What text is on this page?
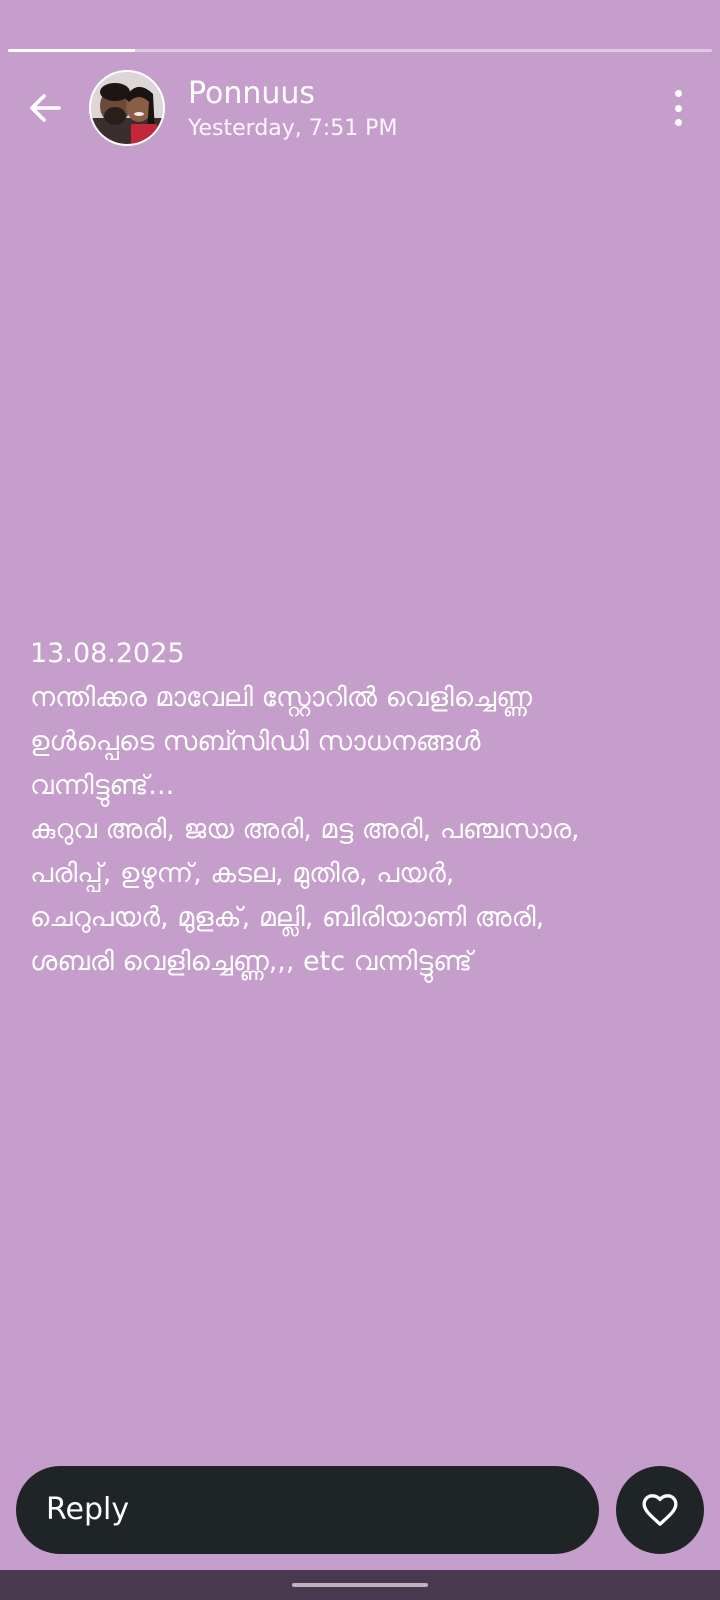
Ponnuus
Yesterday, 7:51 PM

13.08.2025

നന്തിക്കര മാവേലി സ്റ്റോറിൽ വെളിച്ചെണ്ണ

ഉൾപ്പെടെ സബ്സിഡി സാധനങ്ങൾ

വന്നിട്ടുണ്ട്...

കുറുവ അരി, ജയ അരി, മട്ട അരി, പഞ്ചസാര,

പരിപ്പ്, ഉഴുന്ന്, കടല, മുതിര, പയർ,

ചെറുപയർ, മുളക്, മല്ലി, ബിരിയാണി അരി,

ശബരി വെളിച്ചെണ്ണ,,, etc വന്നിട്ടുണ്ട്

Reply
